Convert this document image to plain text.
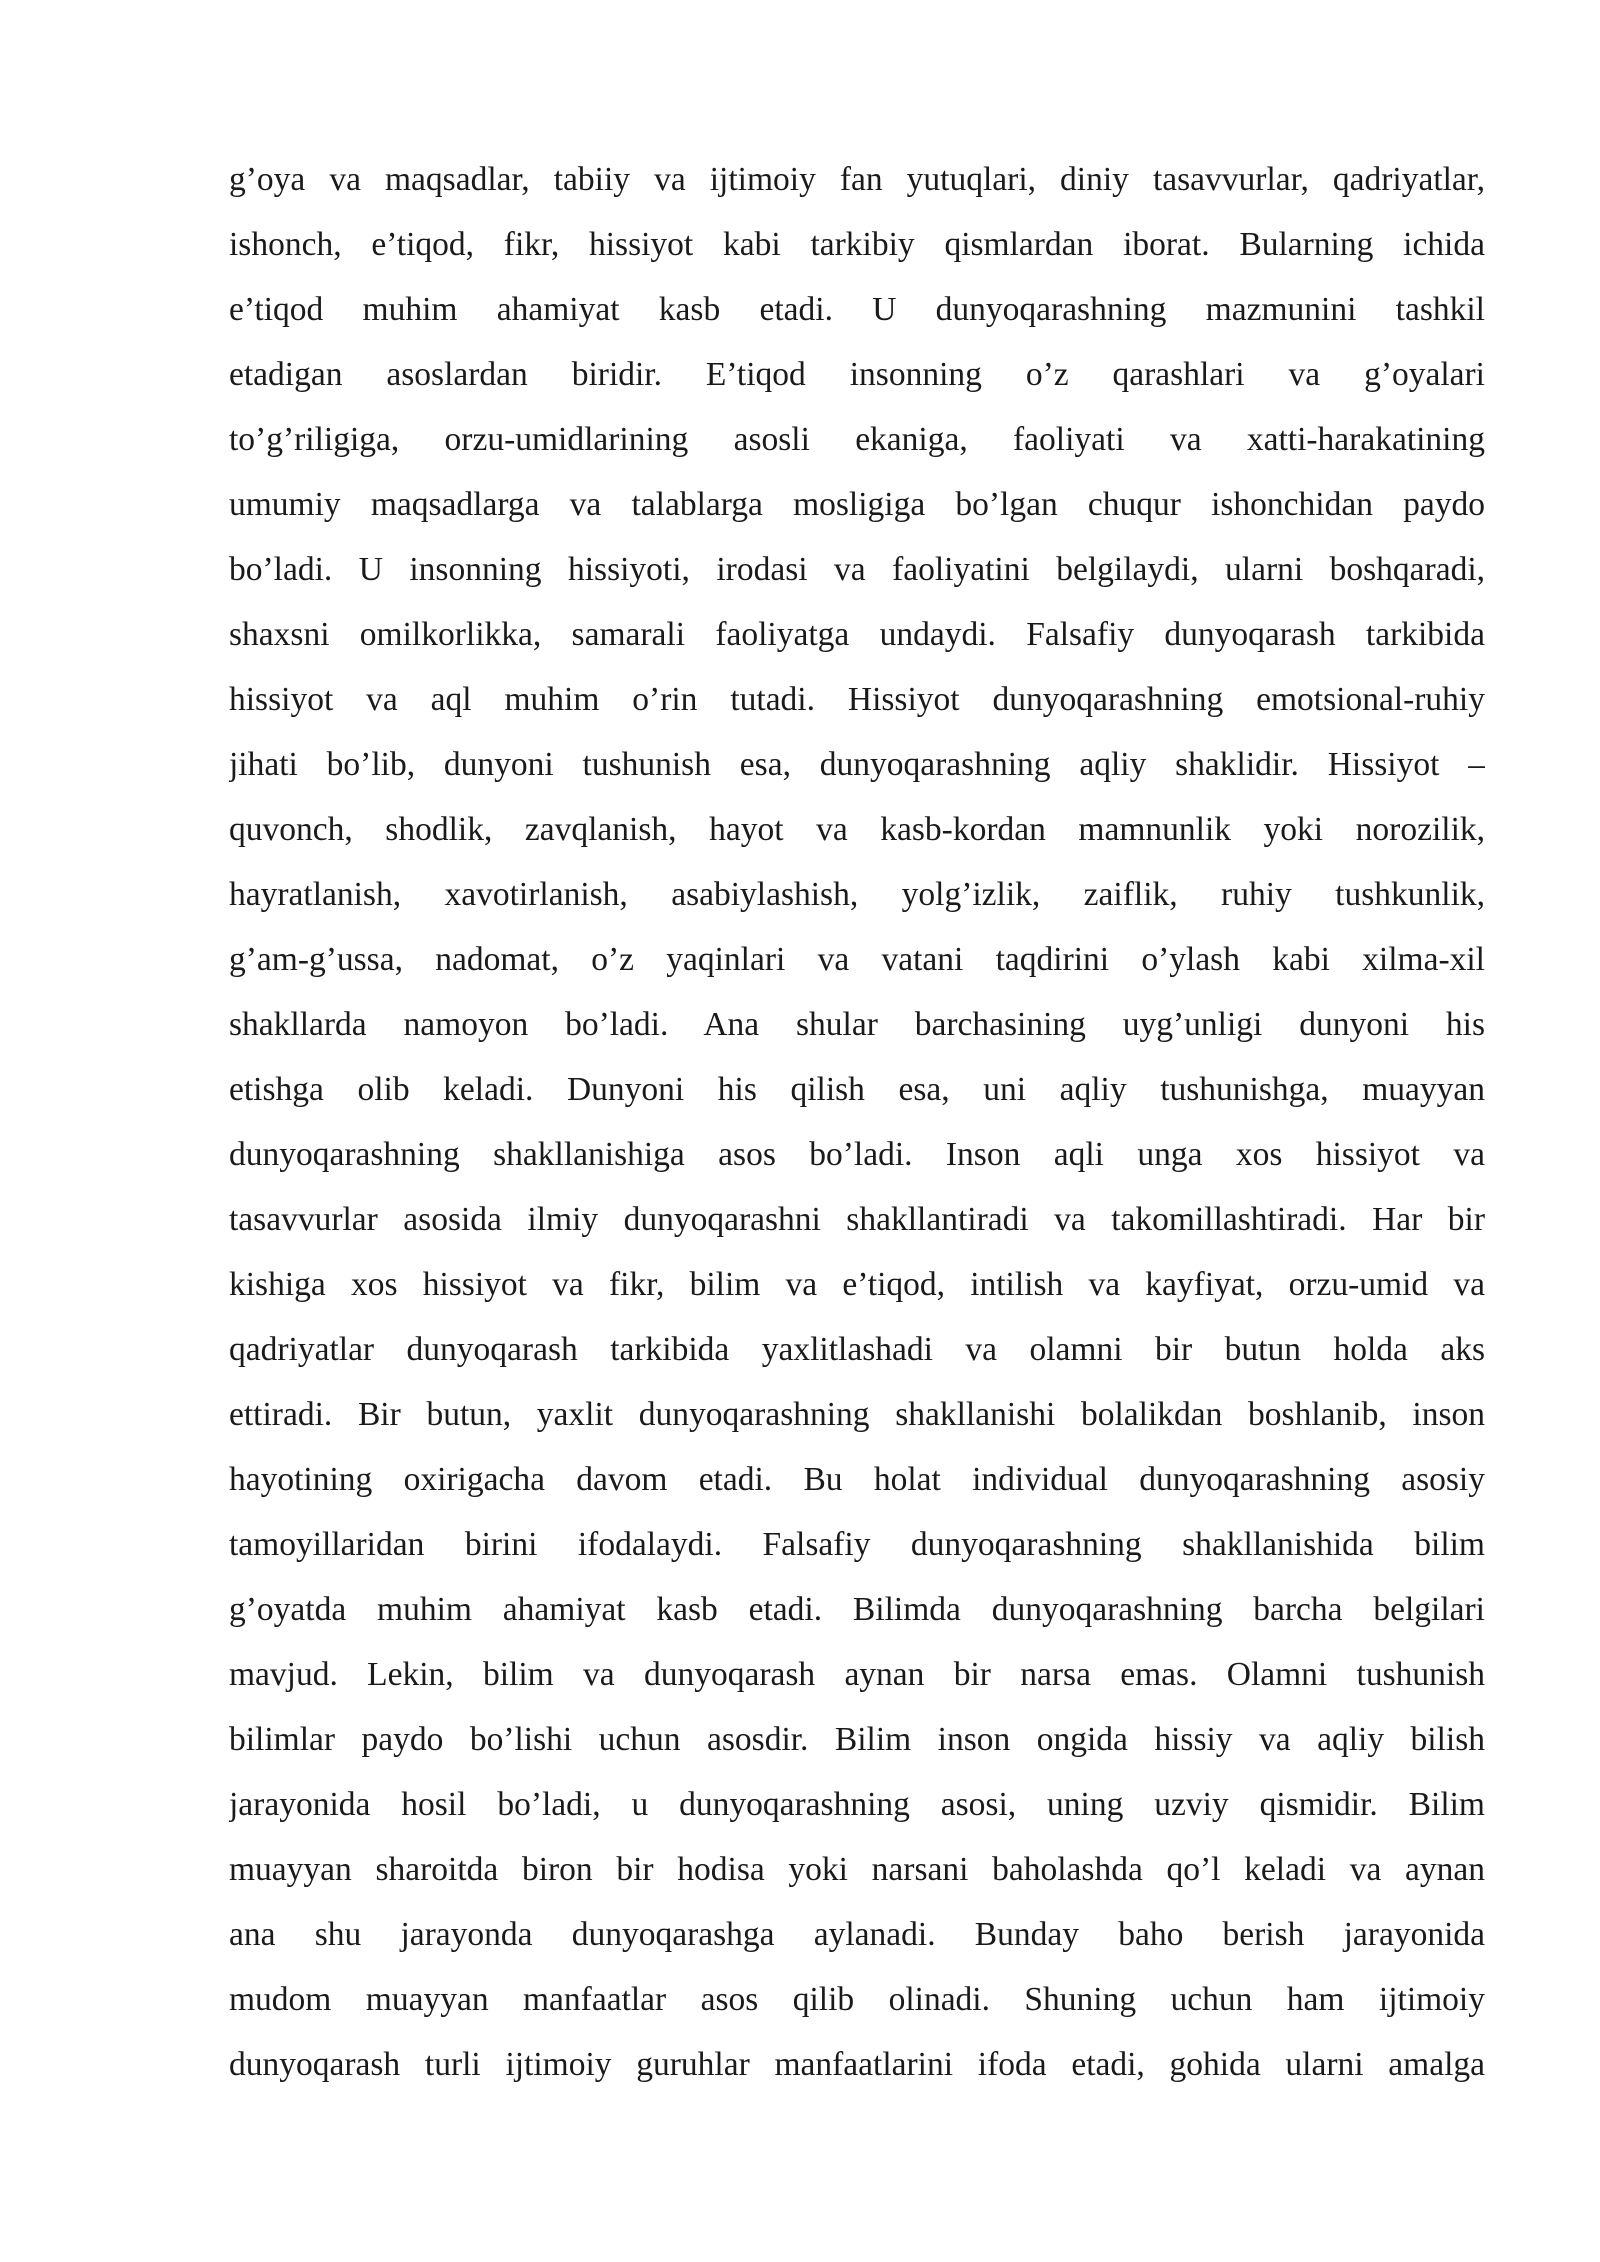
g’oya va maqsadlar, tabiiy va ijtimoiy fan yutuqlari, diniy tasavvurlar, qadriyatlar,
ishonch, e’tiqod, fikr, hissiyot kabi tarkibiy qismlardan iborat. Bularning ichida
e’tiqod muhim ahamiyat kasb etadi. U dunyoqarashning mazmunini tashkil
etadigan asoslardan biridir. E’tiqod insonning o’z qarashlari va g’oyalari
to’g’riligiga, orzu-umidlarining asosli ekaniga, faoliyati va xatti-harakatining
umumiy maqsadlarga va talablarga mosligiga bo’lgan chuqur ishonchidan paydo
bo’ladi. U insonning hissiyoti, irodasi va faoliyatini belgilaydi, ularni boshqaradi,
shaxsni omilkorlikka, samarali faoliyatga undaydi. Falsafiy dunyoqarash tarkibida
hissiyot va aql muhim o’rin tutadi. Hissiyot dunyoqarashning emotsional-ruhiy
jihati bo’lib, dunyoni tushunish esa, dunyoqarashning aqliy shaklidir. Hissiyot –
quvonch, shodlik, zavqlanish, hayot va kasb-kordan mamnunlik yoki norozilik,
hayratlanish, xavotirlanish, asabiylashish, yolg’izlik, zaiflik, ruhiy tushkunlik,
g’am-g’ussa, nadomat, o’z yaqinlari va vatani taqdirini o’ylash kabi xilma-xil
shakllarda namoyon bo’ladi. Ana shular barchasining uyg’unligi dunyoni his
etishga olib keladi. Dunyoni his qilish esa, uni aqliy tushunishga, muayyan
dunyoqarashning shakllanishiga asos bo’ladi. Inson aqli unga xos hissiyot va
tasavvurlar asosida ilmiy dunyoqarashni shakllantiradi va takomillashtiradi. Har bir
kishiga xos hissiyot va fikr, bilim va e’tiqod, intilish va kayfiyat, orzu-umid va
qadriyatlar dunyoqarash tarkibida yaxlitlashadi va olamni bir butun holda aks
ettiradi. Bir butun, yaxlit dunyoqarashning shakllanishi bolalikdan boshlanib, inson
hayotining oxirigacha davom etadi. Bu holat individual dunyoqarashning asosiy
tamoyillaridan birini ifodalaydi. Falsafiy dunyoqarashning shakllanishida bilim
g’oyatda muhim ahamiyat kasb etadi. Bilimda dunyoqarashning barcha belgilari
mavjud. Lekin, bilim va dunyoqarash aynan bir narsa emas. Olamni tushunish
bilimlar paydo bo’lishi uchun asosdir. Bilim inson ongida hissiy va aqliy bilish
jarayonida hosil bo’ladi, u dunyoqarashning asosi, uning uzviy qismidir. Bilim
muayyan sharoitda biron bir hodisa yoki narsani baholashda qo’l keladi va aynan
ana shu jarayonda dunyoqarashga aylanadi. Bunday baho berish jarayonida
mudom muayyan manfaatlar asos qilib olinadi. Shuning uchun ham ijtimoiy
dunyoqarash turli ijtimoiy guruhlar manfaatlarini ifoda etadi, gohida ularni amalga
